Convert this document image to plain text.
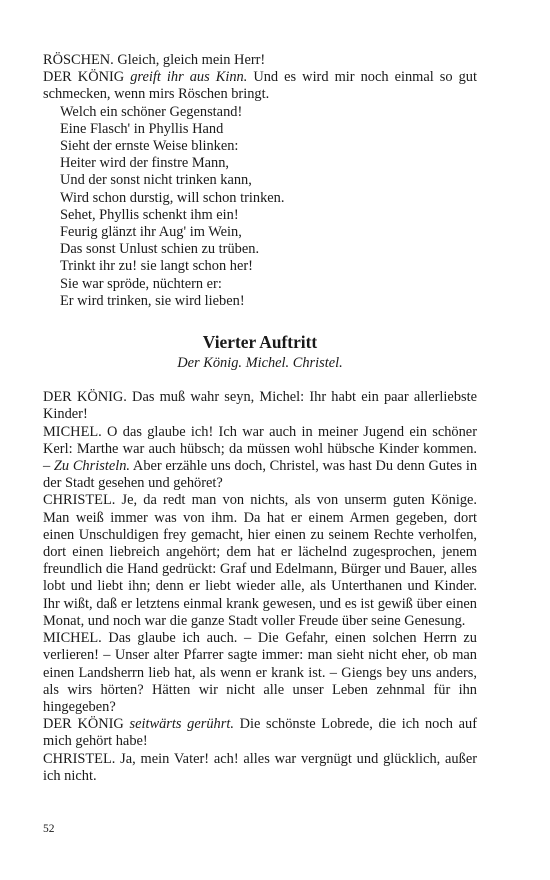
RÖSCHEN. Gleich, gleich mein Herr!

DER KÖNIG greift ihr aus Kinn. Und es wird mir noch einmal so gut schmecken, wenn mirs Röschen bringt.

Welch ein schöner Gegenstand!
Eine Flasch' in Phyllis Hand
Sieht der ernste Weise blinken:
Heiter wird der finstre Mann,
Und der sonst nicht trinken kann,
Wird schon durstig, will schon trinken.
Sehet, Phyllis schenkt ihm ein!
Feurig glänzt ihr Aug' im Wein,
Das sonst Unlust schien zu trüben.
Trinkt ihr zu! sie langt schon her!
Sie war spröde, nüchtern er:
Er wird trinken, sie wird lieben!
Vierter Auftritt
Der König. Michel. Christel.

DER KÖNIG. Das muß wahr seyn, Michel: Ihr habt ein paar allerliebste Kinder!

MICHEL. O das glaube ich! Ich war auch in meiner Jugend ein schöner Kerl: Marthe war auch hübsch; da müssen wohl hübsche Kinder kommen. – Zu Christeln. Aber erzähle uns doch, Christel, was hast Du denn Gutes in der Stadt gesehen und gehöret?

CHRISTEL. Je, da redt man von nichts, als von unserm guten Könige. Man weiß immer was von ihm. Da hat er einem Armen gegeben, dort einen Unschuldigen frey gemacht, hier einen zu seinem Rechte verholfen, dort einen liebreich angehört; dem hat er lächelnd zugesprochen, jenem freundlich die Hand gedrückt: Graf und Edelmann, Bürger und Bauer, alles lobt und liebt ihn; denn er liebt wieder alle, als Unterthanen und Kinder. Ihr wißt, daß er letztens einmal krank gewesen, und es ist gewiß über einen Monat, und noch war die ganze Stadt voller Freude über seine Genesung.

MICHEL. Das glaube ich auch. – Die Gefahr, einen solchen Herrn zu verlieren! – Unser alter Pfarrer sagte immer: man sieht nicht eher, ob man einen Landsherrn lieb hat, als wenn er krank ist. – Giengs bey uns anders, als wirs hörten? Hätten wir nicht alle unser Leben zehnmal für ihn hingegeben?

DER KÖNIG seitwärts gerührt. Die schönste Lobrede, die ich noch auf mich gehört habe!

CHRISTEL. Ja, mein Vater! ach! alles war vergnügt und glücklich, außer ich nicht.

52
